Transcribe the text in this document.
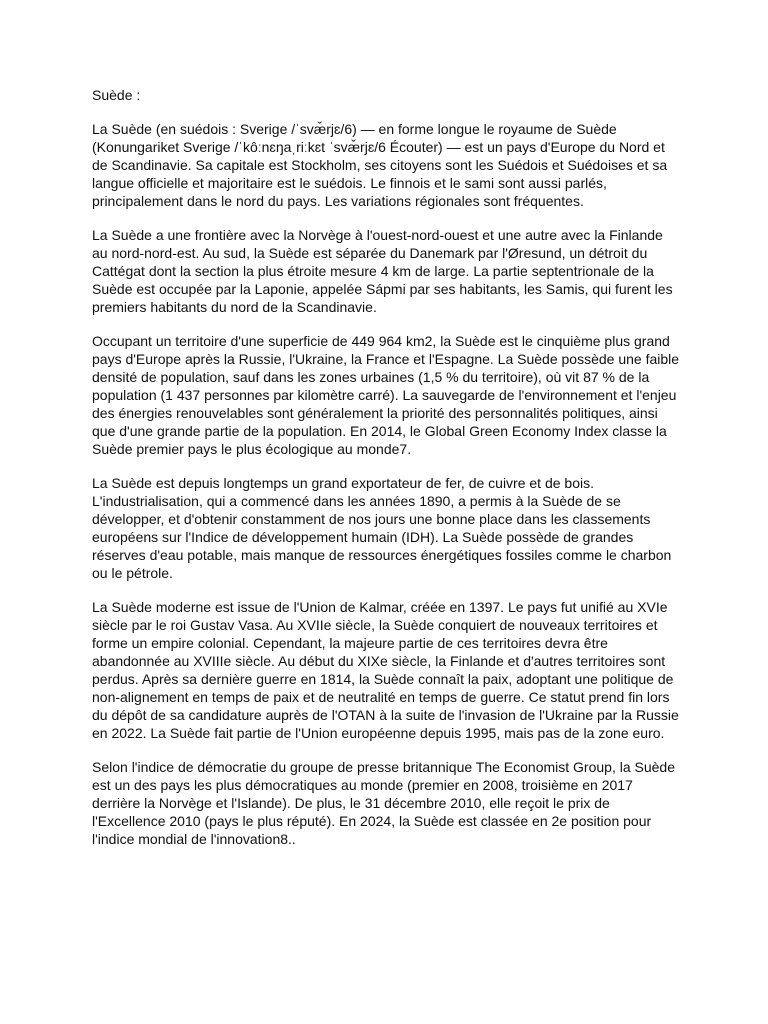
Suède :

La Suède (en suédois : Sverige /ˈsvæ̌rjɛ/6) — en forme longue le royaume de Suède (Konungariket Sverige /ˈkôːnɛŋaˌriːkɛt ˈsvæ̌rjɛ/6 Écouter) — est un pays d'Europe du Nord et de Scandinavie. Sa capitale est Stockholm, ses citoyens sont les Suédois et Suédoises et sa langue officielle et majoritaire est le suédois. Le finnois et le sami sont aussi parlés, principalement dans le nord du pays. Les variations régionales sont fréquentes.

La Suède a une frontière avec la Norvège à l'ouest-nord-ouest et une autre avec la Finlande au nord-nord-est. Au sud, la Suède est séparée du Danemark par l'Øresund, un détroit du Cattégat dont la section la plus étroite mesure 4 km de large. La partie septentrionale de la Suède est occupée par la Laponie, appelée Sápmi par ses habitants, les Samis, qui furent les premiers habitants du nord de la Scandinavie.

Occupant un territoire d'une superficie de 449 964 km2, la Suède est le cinquième plus grand pays d'Europe après la Russie, l'Ukraine, la France et l'Espagne. La Suède possède une faible densité de population, sauf dans les zones urbaines (1,5 % du territoire), où vit 87 % de la population (1 437 personnes par kilomètre carré). La sauvegarde de l'environnement et l'enjeu des énergies renouvelables sont généralement la priorité des personnalités politiques, ainsi que d'une grande partie de la population. En 2014, le Global Green Economy Index classe la Suède premier pays le plus écologique au monde7.

La Suède est depuis longtemps un grand exportateur de fer, de cuivre et de bois. L'industrialisation, qui a commencé dans les années 1890, a permis à la Suède de se développer, et d'obtenir constamment de nos jours une bonne place dans les classements européens sur l'Indice de développement humain (IDH). La Suède possède de grandes réserves d'eau potable, mais manque de ressources énergétiques fossiles comme le charbon ou le pétrole.

La Suède moderne est issue de l'Union de Kalmar, créée en 1397. Le pays fut unifié au XVIe siècle par le roi Gustav Vasa. Au XVIIe siècle, la Suède conquiert de nouveaux territoires et forme un empire colonial. Cependant, la majeure partie de ces territoires devra être abandonnée au XVIIIe siècle. Au début du XIXe siècle, la Finlande et d'autres territoires sont perdus. Après sa dernière guerre en 1814, la Suède connaît la paix, adoptant une politique de non-alignement en temps de paix et de neutralité en temps de guerre. Ce statut prend fin lors du dépôt de sa candidature auprès de l'OTAN à la suite de l'invasion de l'Ukraine par la Russie en 2022. La Suède fait partie de l'Union européenne depuis 1995, mais pas de la zone euro.

Selon l'indice de démocratie du groupe de presse britannique The Economist Group, la Suède est un des pays les plus démocratiques au monde (premier en 2008, troisième en 2017 derrière la Norvège et l'Islande). De plus, le 31 décembre 2010, elle reçoit le prix de l'Excellence 2010 (pays le plus réputé). En 2024, la Suède est classée en 2e position pour l'indice mondial de l'innovation8..
